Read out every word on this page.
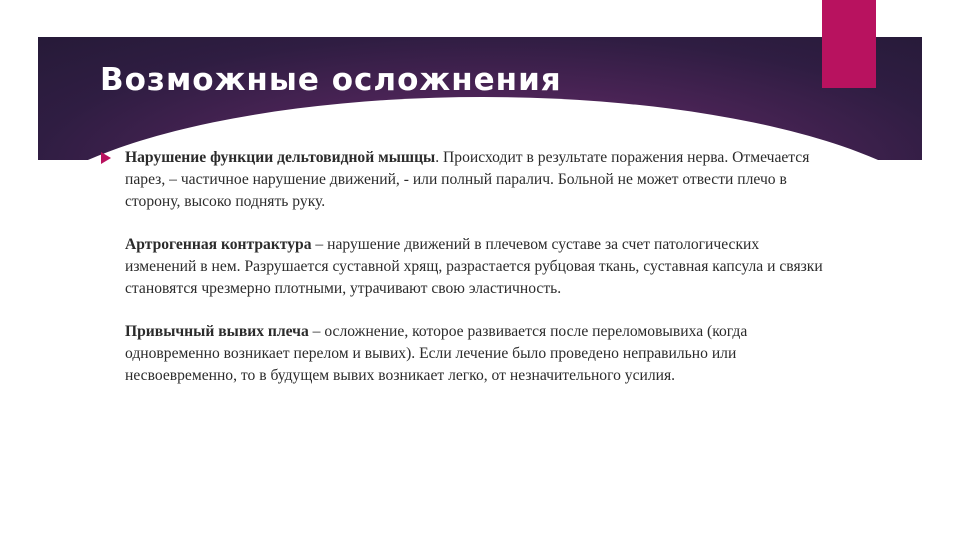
Возможные осложнения

Нарушение функции дельтовидной мышцы. Происходит в результате поражения нерва. Отмечается парез, – частичное нарушение движений, - или полный паралич. Больной не может отвести плечо в сторону, высоко поднять руку.

Артрогенная контрактура – нарушение движений в плечевом суставе за счет патологических изменений в нем. Разрушается суставной хрящ, разрастается рубцовая ткань, суставная капсула и связки становятся чрезмерно плотными, утрачивают свою эластичность.

Привычный вывих плеча – осложнение, которое развивается после переломовывиха (когда одновременно возникает перелом и вывих). Если лечение было проведено неправильно или несвоевременно, то в будущем вывих возникает легко, от незначительного усилия.
